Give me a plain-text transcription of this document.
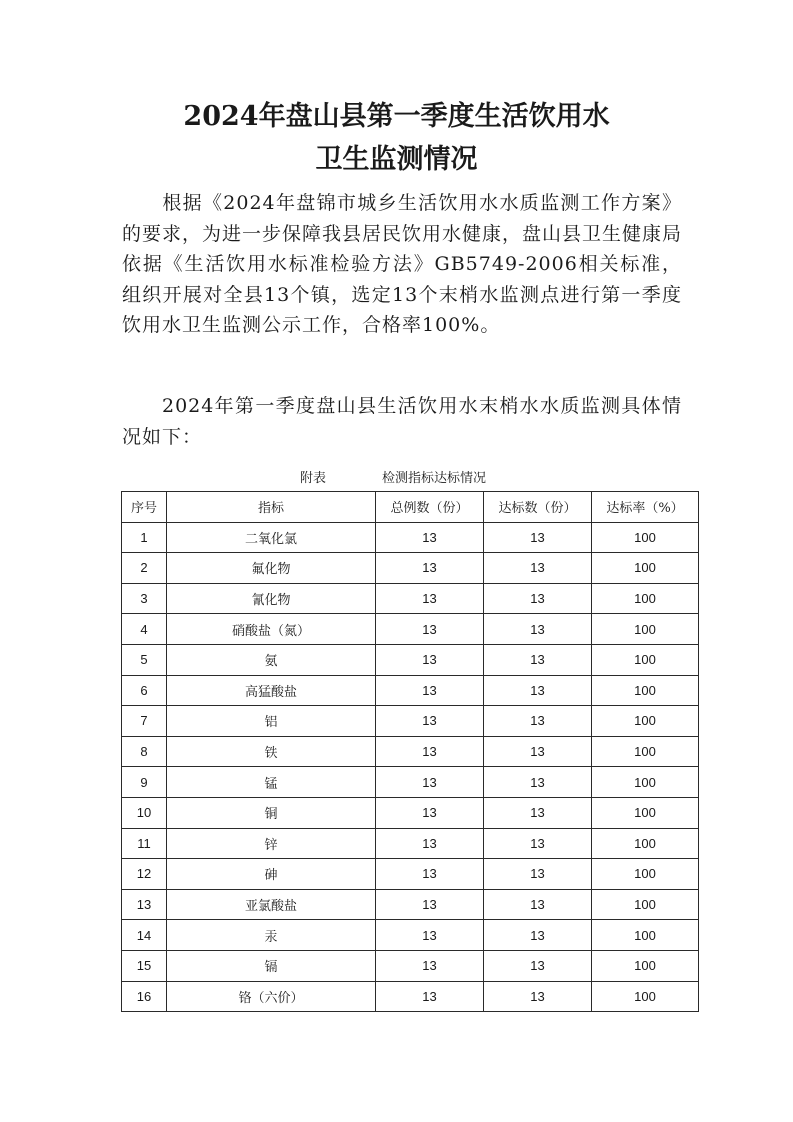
2024年盘山县第一季度生活饮用水
卫生监测情况
根据《2024年盘锦市城乡生活饮用水水质监测工作方案》的要求，为进一步保障我县居民饮用水健康，盘山县卫生健康局依据《生活饮用水标准检验方法》GB5749-2006相关标准，组织开展对全县13个镇，选定13个末梢水监测点进行第一季度饮用水卫生监测公示工作，合格率100%。
2024年第一季度盘山县生活饮用水末梢水水质监测具体情况如下：
附表	检测指标达标情况
序号	指标	总例数（份）	达标数（份）	达标率（%）
1	二氧化氯	13	13	100
2	氟化物	13	13	100
3	氰化物	13	13	100
4	硝酸盐（氮）	13	13	100
5	氨	13	13	100
6	高猛酸盐	13	13	100
7	铝	13	13	100
8	铁	13	13	100
9	锰	13	13	100
10	铜	13	13	100
11	锌	13	13	100
12	砷	13	13	100
13	亚氯酸盐	13	13	100
14	汞	13	13	100
15	镉	13	13	100
16	铬（六价）	13	13	100
